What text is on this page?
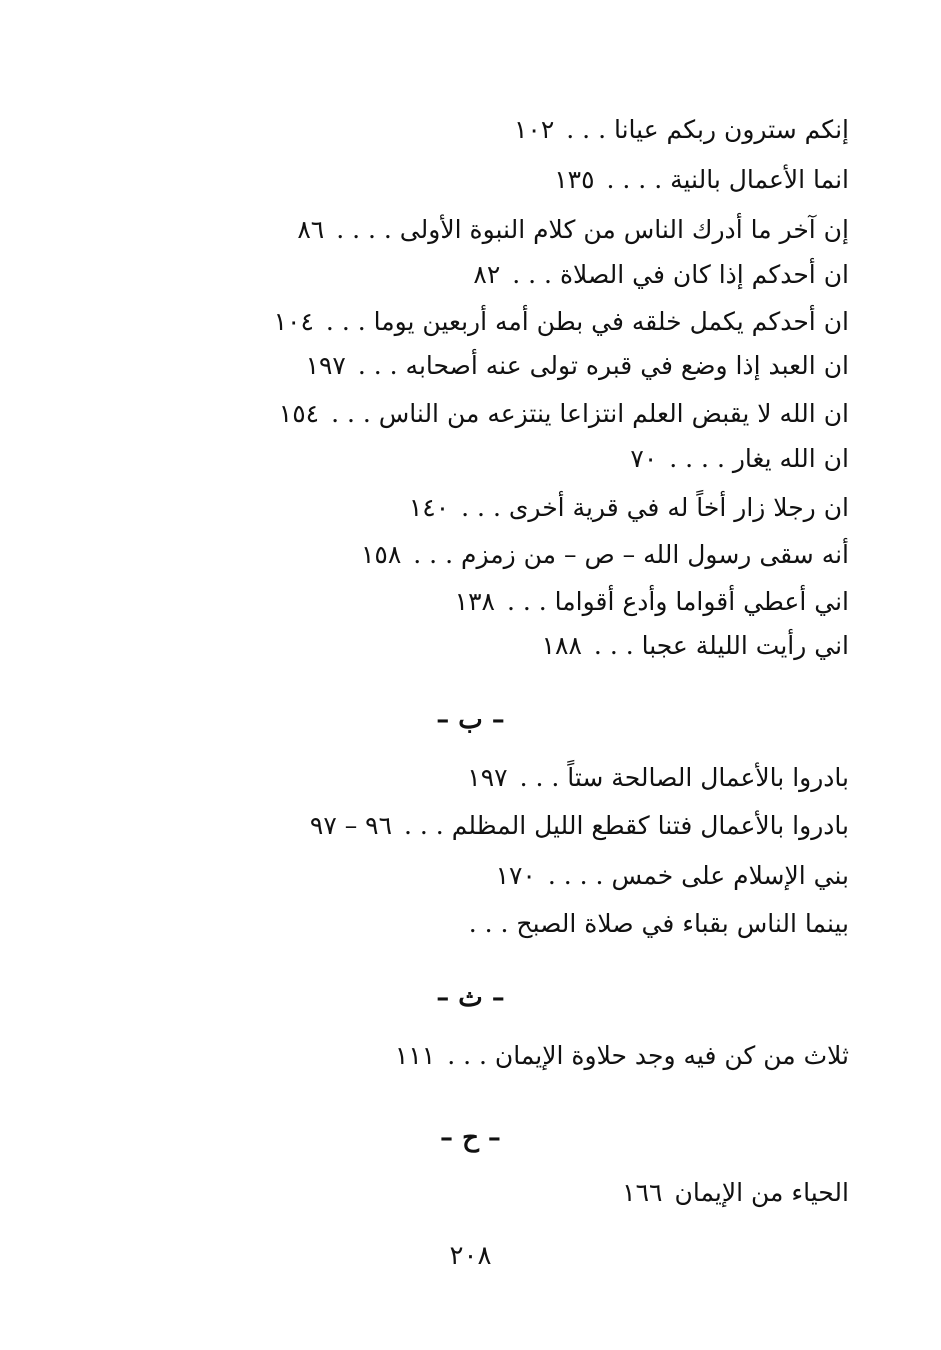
إنكم سترون ربكم عيانا . . .١٠٢
انما الأعمال بالنية . . . .١٣٥
إن آخر ما أدرك الناس من كلام النبوة الأولى . . . .٨٦
ان أحدكم إذا كان في الصلاة . . .٨٢
ان أحدكم يكمل خلقه في بطن أمه أربعين يوما . . .١٠٤
ان العبد إذا وضع في قبره تولى عنه أصحابه . . .١٩٧
ان الله لا يقبض العلم انتزاعا ينتزعه من الناس . . .١٥٤
ان الله يغار . . . .٧٠
ان رجلا زار أخاً له في قرية أخرى . . .١٤٠
أنه سقى رسول الله – ص – من زمزم . . .١٥٨
اني أعطي أقواما وأدع أقواما . . .١٣٨
اني رأيت الليلة عجبا . . .١٨٨
– ب –
بادروا بالأعمال الصالحة ستاً . . .١٩٧
بادروا بالأعمال فتنا كقطع الليل المظلم . . .٩٦ – ٩٧
بني الإسلام على خمس . . . .١٧٠
بينما الناس بقباء في صلاة الصبح . . .
– ث –
ثلاث من كن فيه وجد حلاوة الإيمان . . .١١١
– ح –
الحياء من الإيمان١٦٦
٢٠٨
